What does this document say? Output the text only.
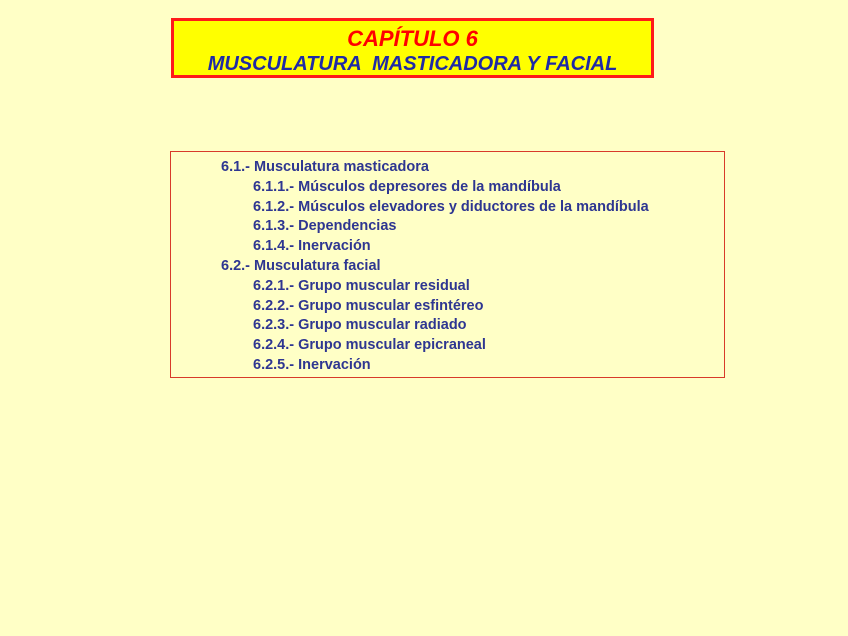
CAPÍTULO 6
MUSCULATURA  MASTICADORA Y FACIAL
6.1.- Musculatura masticadora
6.1.1.- Músculos depresores de la mandíbula
6.1.2.- Músculos elevadores y diductores de la mandíbula
6.1.3.- Dependencias
6.1.4.- Inervación
6.2.- Musculatura facial
6.2.1.- Grupo muscular residual
6.2.2.- Grupo muscular esfintéreo
6.2.3.- Grupo muscular radiado
6.2.4.- Grupo muscular epicraneal
6.2.5.- Inervación
